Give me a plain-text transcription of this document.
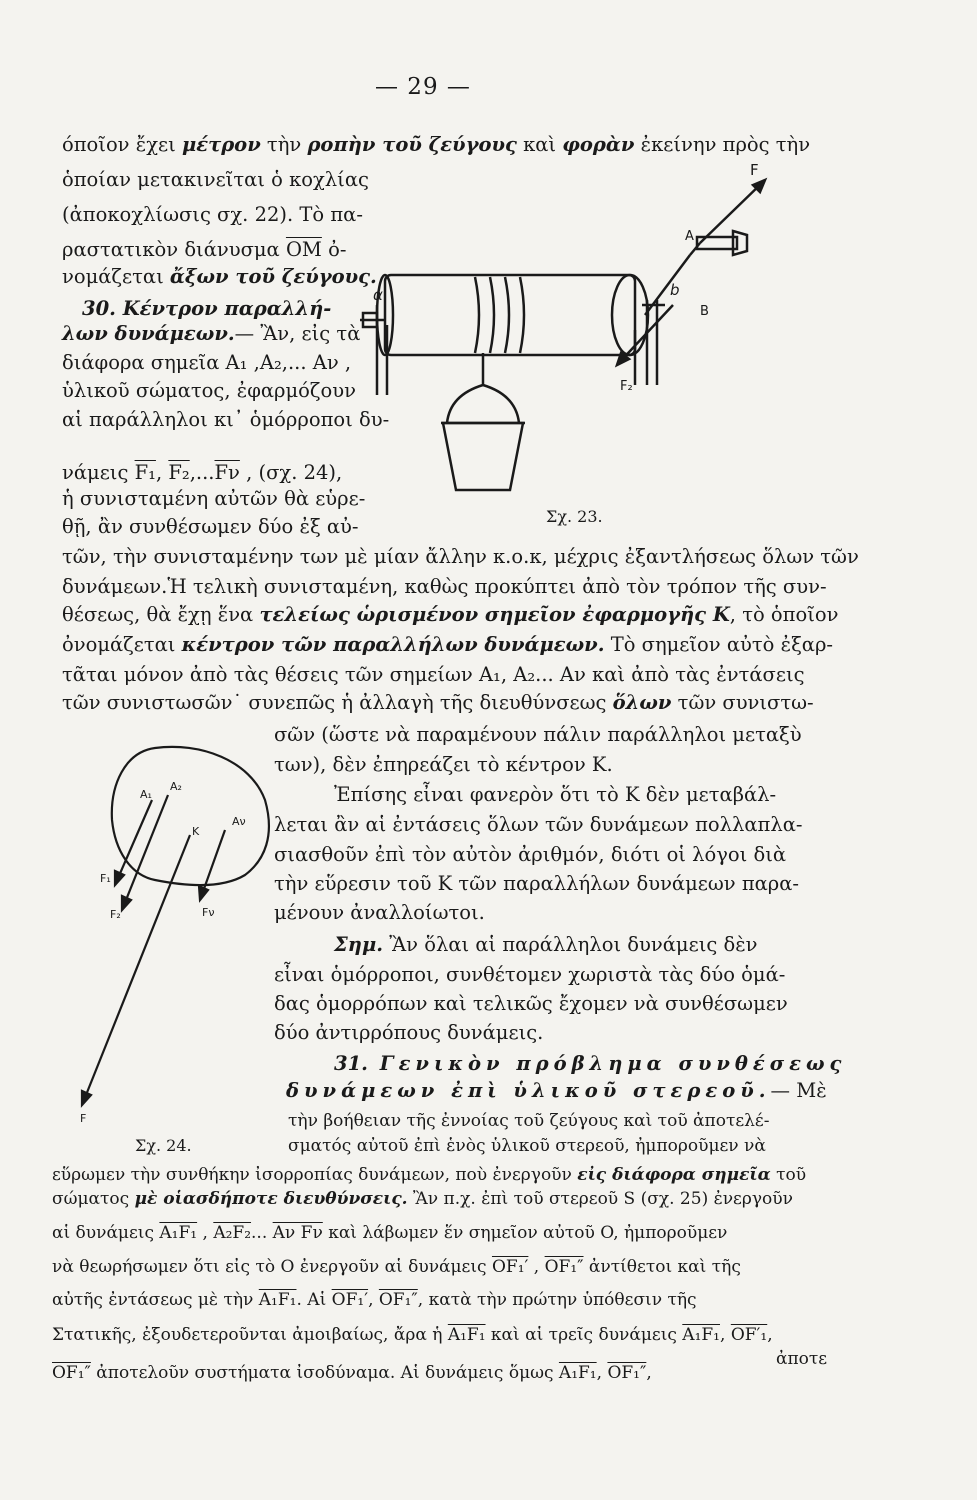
— 29 —
όποῖον ἔχει μέτρον τὴν ροπὴν τοῦ ζεύγους καὶ φορὰν ἐκείνην πρὸς τὴν
ὁποίαν μετακινεῖται ὁ κοχλίας
(ἀποκοχλίωσις σχ. 22). Τὸ πα-
ραστατικὸν διάνυσμα $\overline{OM}$ ὀ-
νομάζεται ἄξων τοῦ ζεύγους.
30. Κέντρον παραλλή-
λων δυνάμεων.— Ἂν, εἰς τὰ
διάφορα σημεῖα A₁ ,A₂,... Aν ,
ὑλικοῦ σώματος, ἐφαρμόζουν
αἱ παράλληλοι κι᾽ ὁμόρροποι δυ-
νάμεις F₁, $F_2,...\overline{F\nu}$ , (σχ. 24),
ἡ συνισταμένη αὐτῶν θὰ εὑρε-
θῇ, ἂν συνθέσωμεν δύο ἐξ αὐ-
τῶν, τὴν συνισταμένην των μὲ μίαν ἄλλην κ.ο.κ, μέχρις ἐξαντλήσεως ὅλων τῶν
δυνάμεων.Ἡ τελικὴ συνισταμένη, καθὼς προκύπτει ἀπὸ τὸν τρόπον τῆς συν-
θέσεως, θὰ ἔχῃ ἕνα τελείως ὡρισμένον σημεῖον ἐφαρμογῆς K, τὸ ὁποῖον
ὀνομάζεται κέντρον τῶν παραλλήλων δυνάμεων. Τὸ σημεῖον αὐτὸ ἐξαρ-
τᾶται μόνον ἀπὸ τὰς θέσεις τῶν σημείων A₁, A₂... Aν καὶ ἀπὸ τὰς ἐντάσεις
τῶν συνιστωσῶν˙ συνεπῶς ἡ ἀλλαγὴ τῆς διευθύνσεως ὅλων τῶν συνιστω-
σῶν (ὥστε νὰ παραμένουν πάλιν παράλληλοι μεταξὺ
των), δὲν ἐπηρεάζει τὸ κέντρον K.
Ἐπίσης εἶναι φανερὸν ὅτι τὸ K δὲν μεταβάλ-
λεται ἂν αἱ ἐντάσεις ὅλων τῶν δυνάμεων πολλαπλα-
σιασθοῦν ἐπὶ τὸν αὐτὸν ἀριθμόν, διότι οἱ λόγοι διὰ
τὴν εὕρεσιν τοῦ K τῶν παραλλήλων δυνάμεων παρα-
μένουν ἀναλλοίωτοι.
Σημ. Ἂν ὅλαι αἱ παράλληλοι δυνάμεις δὲν
εἶναι ὁμόρροποι, συνθέτομεν χωριστὰ τὰς δύο ὁμά-
δας ὁμορρόπων καὶ τελικῶς ἔχομεν νὰ συνθέσωμεν
δύο ἀντιρρόπους δυνάμεις.
31. Γενικὸν πρόβλημα συνθέσεως
δυνάμεων ἐπὶ ὑλικοῦ στερεοῦ.— Μὲ
τὴν βοήθειαν τῆς ἐννοίας τοῦ ζεύγους καὶ τοῦ ἀποτελέ-
σματός αὐτοῦ ἐπὶ ἑνὸς ὑλικοῦ στερεοῦ, ἠμποροῦμεν νὰ
εὕρωμεν τὴν συνθήκην ἰσορροπίας δυνάμεων, ποὺ ἐνεργοῦν εἰς διάφορα σημεῖα τοῦ
σώματος μὲ οἱασδήποτε διευθύνσεις. Ἂν π.χ. ἐπὶ τοῦ στερεοῦ S (σχ. 25) ἐνεργοῦν
αἱ δυνάμεις A₁F₁ , A₂F₂... Aν Fν καὶ λάβωμεν ἕν σημεῖον αὐτοῦ O, ἠμποροῦμεν
νὰ θεωρήσωμεν ὅτι εἰς τὸ O ἐνεργοῦν αἱ δυνάμεις OF₁′ , OF₁″ ἀντίθετοι καὶ τῆς
αὐτῆς ἐντάσεως μὲ τὴν A₁F₁. Αἱ OF₁′, OF₁″, κατὰ τὴν πρώτην ὑπόθεσιν τῆς
Στατικῆς, ἐξουδετεροῦνται ἀμοιβαίως, ἄρα ἡ A₁F₁ καὶ αἱ τρεῖς δυνάμεις A₁F₁, OF′₁,
OF₁″ ἀποτελοῦν συστήματα ἰσοδύναμα. Αἱ δυνάμεις ὅμως A₁F₁, OF₁″,
ἀποτε
F
A
B
b
α
F₂
Σχ. 23.
A₁
A₂
Aν
K
F₁
F₂	Fν
F
Σχ. 24.
